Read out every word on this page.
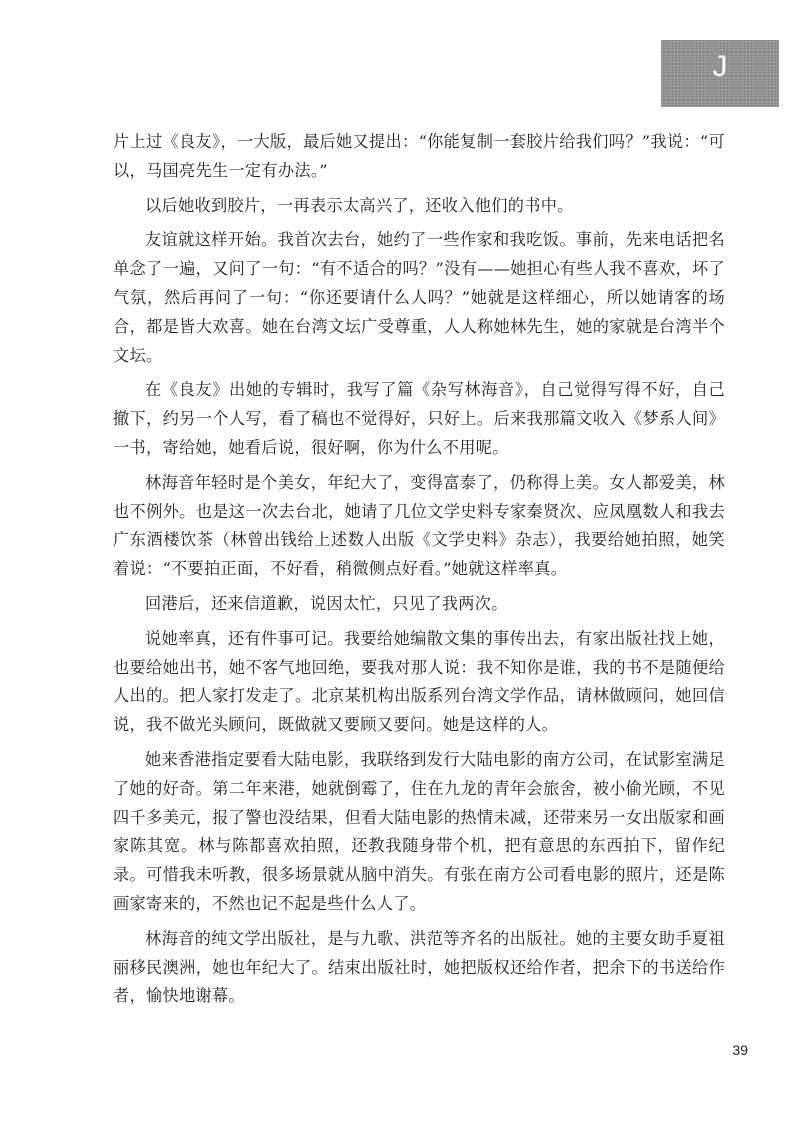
J

片上过《良友》，一大版，最后她又提出：“你能复制一套胶片给我们吗？”我说：“可以，马国亮先生一定有办法。”

以后她收到胶片，一再表示太高兴了，还收入他们的书中。

友谊就这样开始。我首次去台，她约了一些作家和我吃饭。事前，先来电话把名单念了一遍，又问了一句：“有不适合的吗？”没有——她担心有些人我不喜欢，坏了气氛，然后再问了一句：“你还要请什么人吗？”她就是这样细心，所以她请客的场合，都是皆大欢喜。她在台湾文坛广受尊重，人人称她林先生，她的家就是台湾半个文坛。

在《良友》出她的专辑时，我写了篇《杂写林海音》，自己觉得写得不好，自己撤下，约另一个人写，看了稿也不觉得好，只好上。后来我那篇文收入《梦系人间》一书，寄给她，她看后说，很好啊，你为什么不用呢。

林海音年轻时是个美女，年纪大了，变得富泰了，仍称得上美。女人都爱美，林也不例外。也是这一次去台北，她请了几位文学史料专家秦贤次、应凤凰数人和我去广东酒楼饮茶（林曾出钱给上述数人出版《文学史料》杂志），我要给她拍照，她笑着说：“不要拍正面，不好看，稍微侧点好看。”她就这样率真。

回港后，还来信道歉，说因太忙，只见了我两次。

说她率真，还有件事可记。我要给她编散文集的事传出去，有家出版社找上她，也要给她出书，她不客气地回绝，要我对那人说：我不知你是谁，我的书不是随便给人出的。把人家打发走了。北京某机构出版系列台湾文学作品，请林做顾问，她回信说，我不做光头顾问，既做就又要顾又要问。她是这样的人。

她来香港指定要看大陆电影，我联络到发行大陆电影的南方公司，在试影室满足了她的好奇。第二年来港，她就倒霉了，住在九龙的青年会旅舍，被小偷光顾，不见四千多美元，报了警也没结果，但看大陆电影的热情未减，还带来另一女出版家和画家陈其宽。林与陈都喜欢拍照，还教我随身带个机，把有意思的东西拍下，留作纪录。可惜我未听教，很多场景就从脑中消失。有张在南方公司看电影的照片，还是陈画家寄来的，不然也记不起是些什么人了。

林海音的纯文学出版社，是与九歌、洪范等齐名的出版社。她的主要女助手夏祖丽移民澳洲，她也年纪大了。结束出版社时，她把版权还给作者，把余下的书送给作者，愉快地谢幕。

39
